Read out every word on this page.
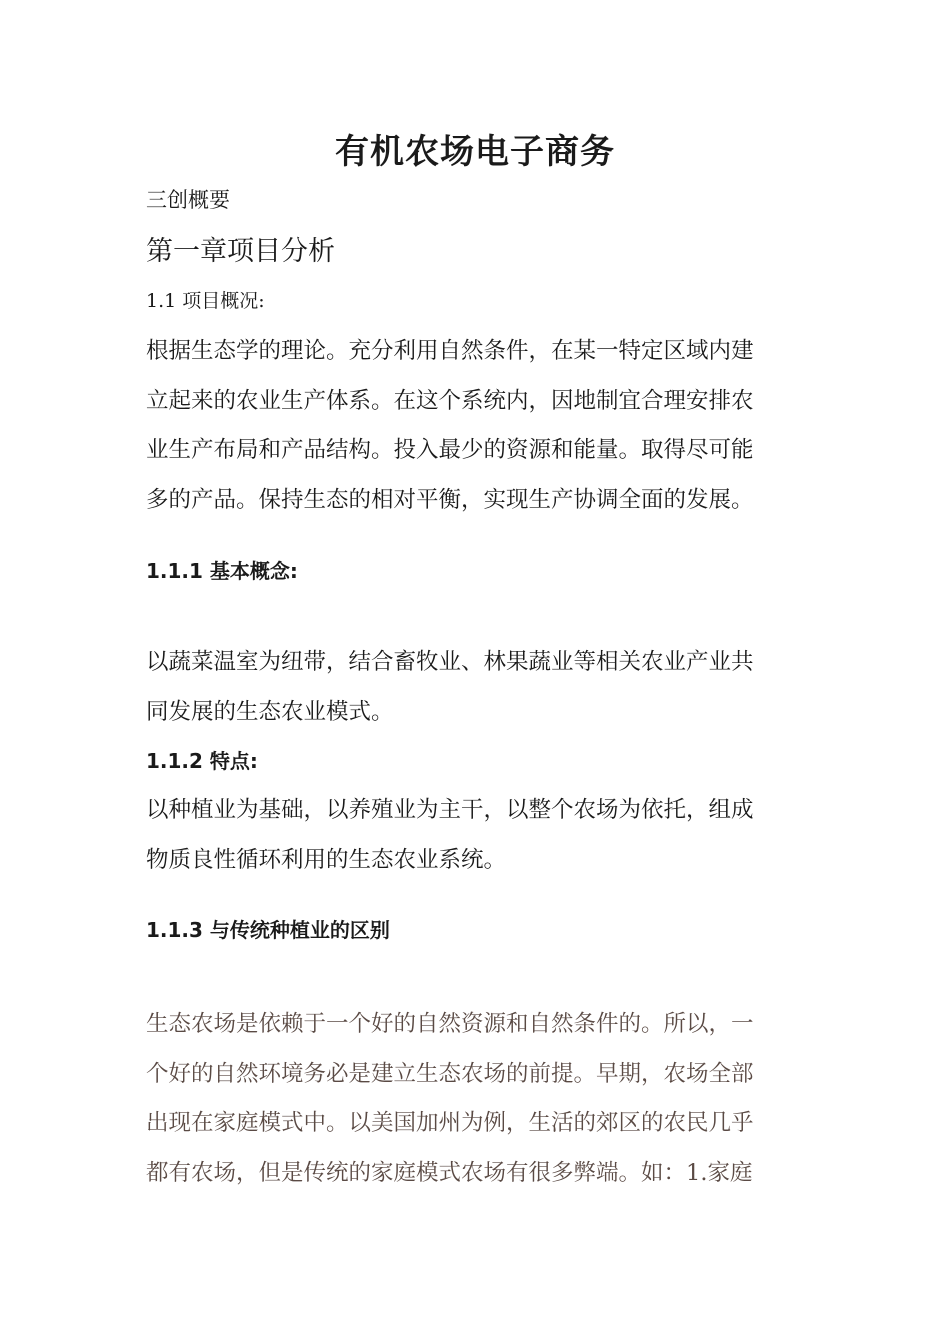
有机农场电子商务
三创概要
第一章项目分析
1.1 项目概况:
根据生态学的理论。充分利用自然条件，在某一特定区域内建
立起来的农业生产体系。在这个系统内，因地制宜合理安排农
业生产布局和产品结构。投入最少的资源和能量。取得尽可能
多的产品。保持生态的相对平衡，实现生产协调全面的发展。
1.1.1 基本概念:
以蔬菜温室为纽带，结合畜牧业、林果蔬业等相关农业产业共
同发展的生态农业模式。
1.1.2 特点:
以种植业为基础，以养殖业为主干，以整个农场为依托，组成
物质良性循环利用的生态农业系统。
1.1.3 与传统种植业的区别
生态农场是依赖于一个好的自然资源和自然条件的。所以，一
个好的自然环境务必是建立生态农场的前提。早期，农场全部
出现在家庭模式中。以美国加州为例，生活的郊区的农民几乎
都有农场，但是传统的家庭模式农场有很多弊端。如：1.家庭
